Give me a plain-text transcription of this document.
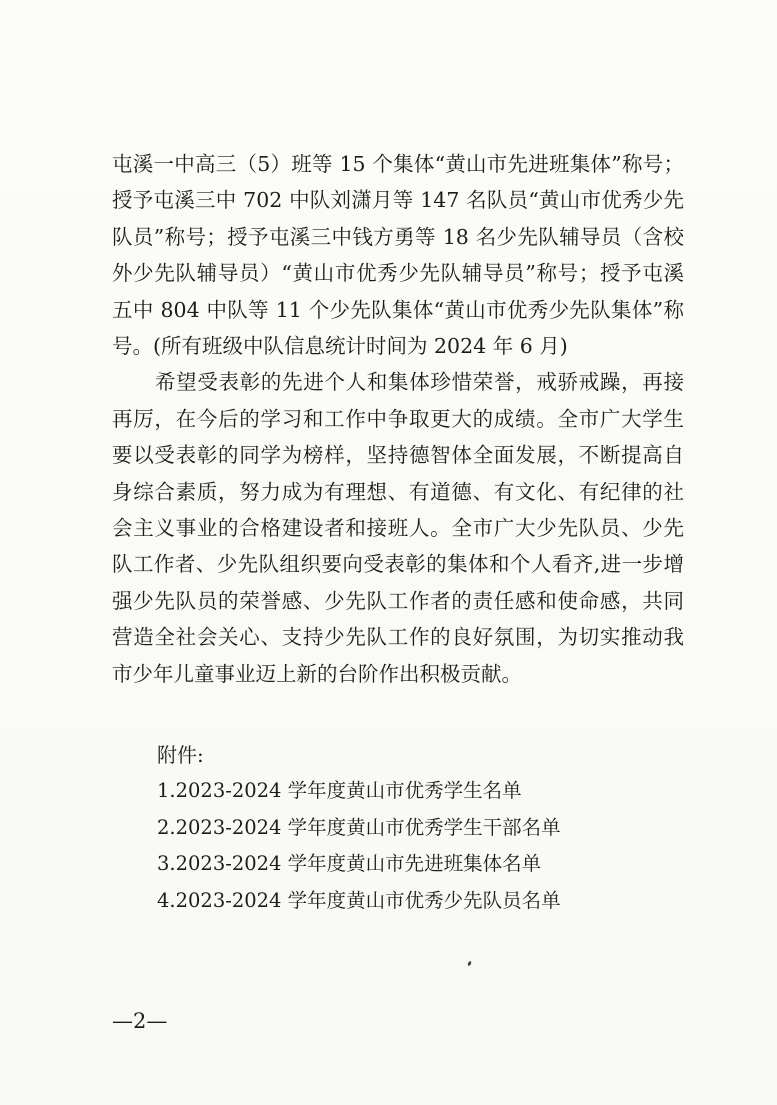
屯溪一中高三（5）班等 15 个集体“黄山市先进班集体”称号；授予屯溪三中 702 中队刘潇月等 147 名队员“黄山市优秀少先队员”称号；授予屯溪三中钱方勇等 18 名少先队辅导员（含校外少先队辅导员）“黄山市优秀少先队辅导员”称号；授予屯溪五中 804 中队等 11 个少先队集体“黄山市优秀少先队集体”称号。(所有班级中队信息统计时间为 2024 年 6 月)

希望受表彰的先进个人和集体珍惜荣誉，戒骄戒躁，再接再厉，在今后的学习和工作中争取更大的成绩。全市广大学生要以受表彰的同学为榜样，坚持德智体全面发展，不断提高自身综合素质，努力成为有理想、有道德、有文化、有纪律的社会主义事业的合格建设者和接班人。全市广大少先队员、少先队工作者、少先队组织要向受表彰的集体和个人看齐,进一步增强少先队员的荣誉感、少先队工作者的责任感和使命感，共同营造全社会关心、支持少先队工作的良好氛围，为切实推动我市少年儿童事业迈上新的台阶作出积极贡献。

附件:

1.2023-2024 学年度黄山市优秀学生名单

2.2023-2024 学年度黄山市优秀学生干部名单

3.2023-2024 学年度黄山市先进班集体名单

4.2023-2024 学年度黄山市优秀少先队员名单

—2—
